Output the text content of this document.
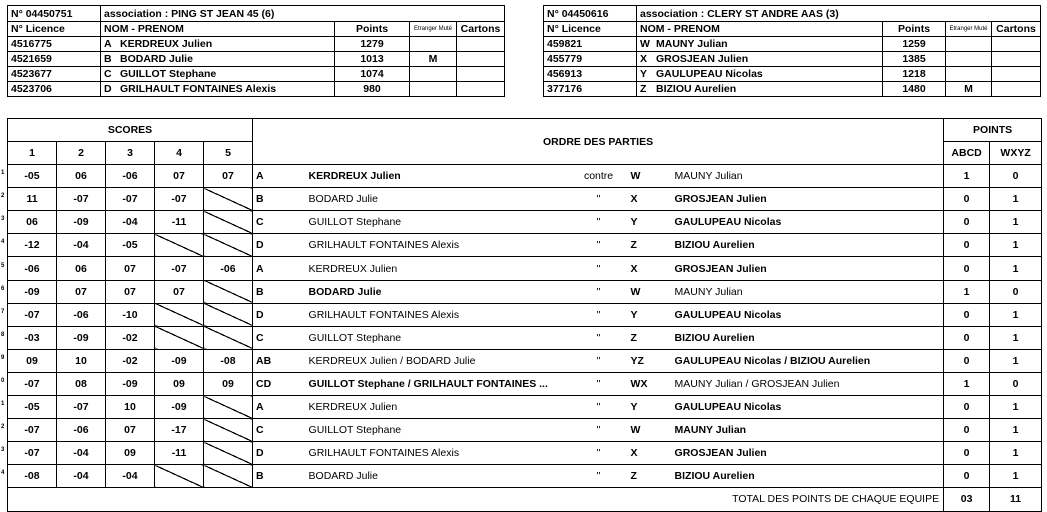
N° 04450751	association : PING ST JEAN 45 (6)			
N° Licence	NOM - PRENOM	Points	Etranger Muté	Cartons
4516775	A KERDREUX Julien	1279		
4521659	B BODARD Julie	1013	M	
4523677	C GUILLOT Stephane	1074		
4523706	D GRILHAULT FONTAINES Alexis	980		
N° 04450616	association : CLERY ST ANDRE AAS (3)			
N° Licence	NOM - PRENOM	Points	Etranger Muté	Cartons
459821	W MAUNY Julian	1259		
455779	X GROSJEAN Julien	1385		
456913	Y GAULUPEAU Nicolas	1218		
377176	Z BIZIOU Aurelien	1480	M	
SCORES					ORDRE DES PARTIES					POINTS	
1	2	3	4	5						ABCD	WXYZ

1 -05	06	-06	07	07	A	KERDREUX Julien	contre	W	MAUNY Julian	1	0

2 11	-07	-07	-07		B	BODARD Julie	"	X	GROSJEAN Julien	0	1

3 06	-09	-04	-11		C	GUILLOT Stephane	"	Y	GAULUPEAU Nicolas	0	1

4 -12	-04	-05			D	GRILHAULT FONTAINES Alexis	"	Z	BIZIOU Aurelien	0	1

5 -06	06	07	-07	-06	A	KERDREUX Julien	"	X	GROSJEAN Julien	0	1

6 -09	07	07	07		B	BODARD Julie	"	W	MAUNY Julian	1	0

7 -07	-06	-10			D	GRILHAULT FONTAINES Alexis	"	Y	GAULUPEAU Nicolas	0	1

8 -03	-09	-02			C	GUILLOT Stephane	"	Z	BIZIOU Aurelien	0	1

9 09	10	-02	-09	-08	AB	KERDREUX Julien / BODARD Julie	"	YZ	GAULUPEAU Nicolas / BIZIOU Aurelien	0	1

0 -07	08	-09	09	09	CD	GUILLOT Stephane / GRILHAULT FONTAINES ...	"	WX	MAUNY Julian / GROSJEAN Julien	1	0

1 -05	-07	10	-09		A	KERDREUX Julien	"	Y	GAULUPEAU Nicolas	0	1

2 -07	-06	07	-17		C	GUILLOT Stephane	"	W	MAUNY Julian	0	1

3 -07	-04	09	-11		D	GRILHAULT FONTAINES Alexis	"	X	GROSJEAN Julien	0	1

4 -08	-04	-04			B	BODARD Julie	"	Z	BIZIOU Aurelien	0	1
TOTAL DES POINTS DE CHAQUE EQUIPE										03	11
